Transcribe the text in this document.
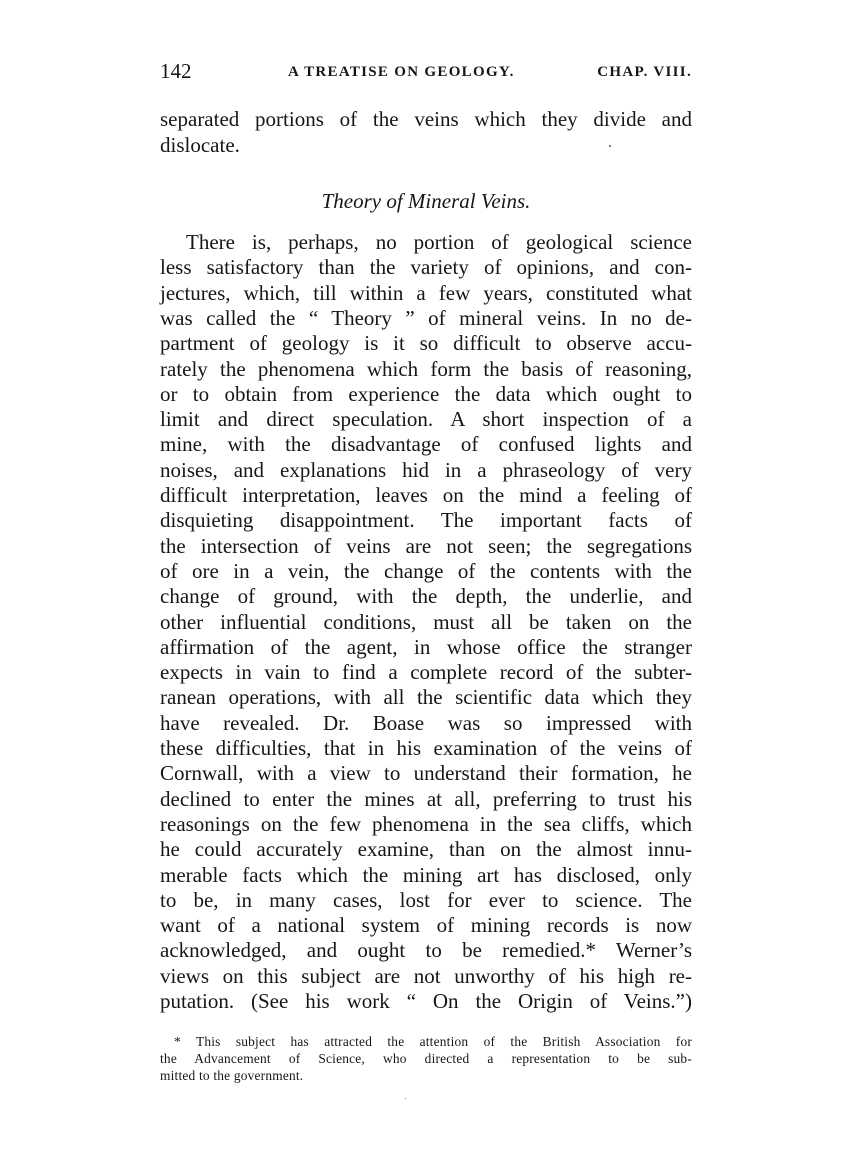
142	A TREATISE ON GEOLOGY.	CHAP. VIII.
separated portions of the veins which they divide and
dislocate.
Theory of Mineral Veins.
There is, perhaps, no portion of geological science
less satisfactory than the variety of opinions, and con-
jectures, which, till within a few years, constituted what
was called the “ Theory ” of mineral veins. In no de-
partment of geology is it so difficult to observe accu-
rately the phenomena which form the basis of reasoning,
or to obtain from experience the data which ought to
limit and direct speculation. A short inspection of a
mine, with the disadvantage of confused lights and
noises, and explanations hid in a phraseology of very
difficult interpretation, leaves on the mind a feeling of
disquieting disappointment. The important facts of
the intersection of veins are not seen; the segregations
of ore in a vein, the change of the contents with the
change of ground, with the depth, the underlie, and
other influential conditions, must all be taken on the
affirmation of the agent, in whose office the stranger
expects in vain to find a complete record of the subter-
ranean operations, with all the scientific data which they
have revealed. Dr. Boase was so impressed with
these difficulties, that in his examination of the veins of
Cornwall, with a view to understand their formation, he
declined to enter the mines at all, preferring to trust his
reasonings on the few phenomena in the sea cliffs, which
he could accurately examine, than on the almost innu-
merable facts which the mining art has disclosed, only
to be, in many cases, lost for ever to science. The
want of a national system of mining records is now
acknowledged, and ought to be remedied.* Werner’s
views on this subject are not unworthy of his high re-
putation. (See his work “ On the Origin of Veins.”)
* This subject has attracted the attention of the British Association for
the Advancement of Science, who directed a representation to be sub-
mitted to the government.
